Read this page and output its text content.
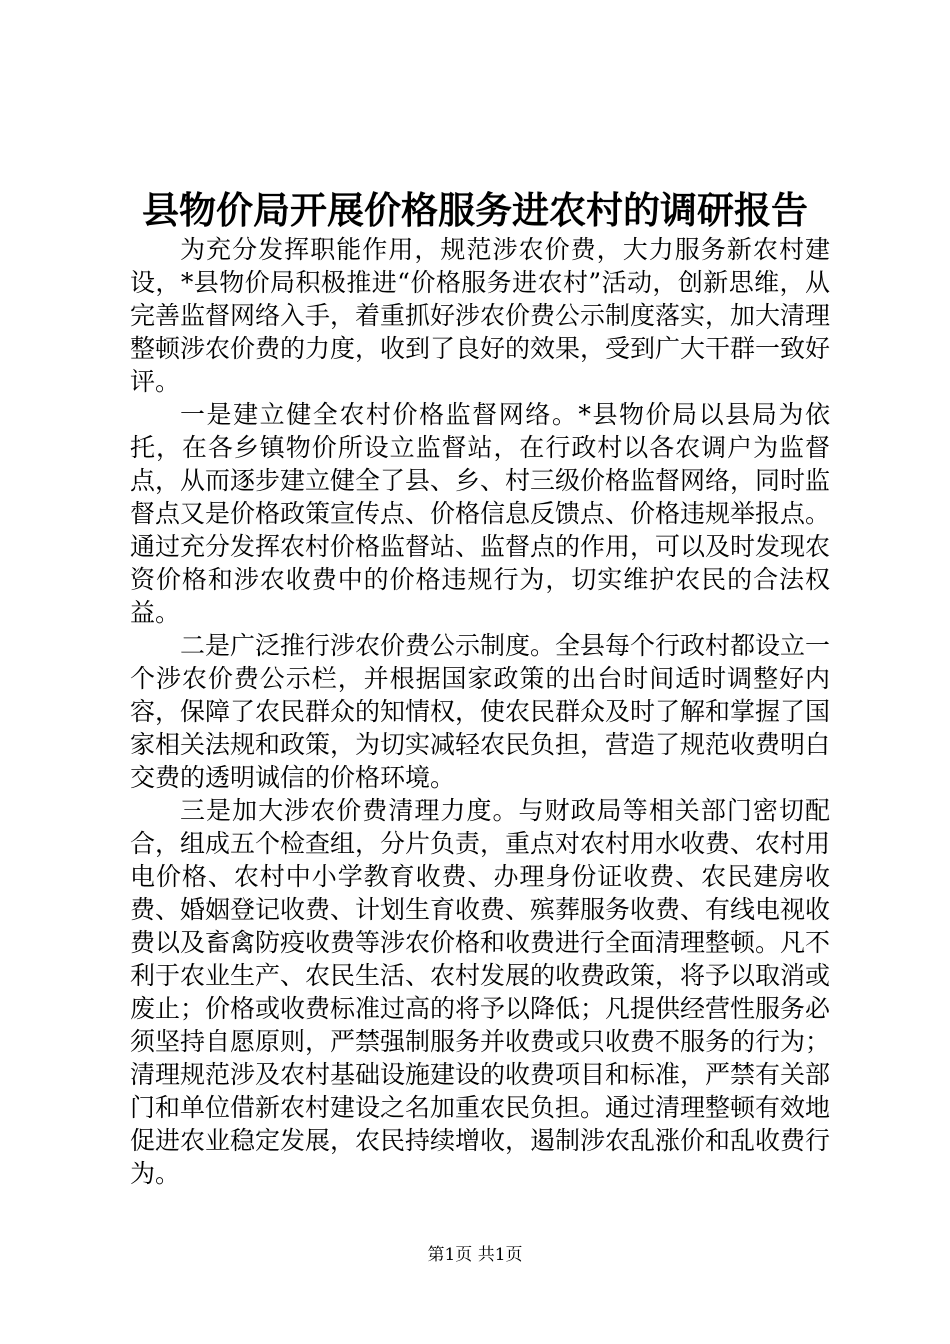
县物价局开展价格服务进农村的调研报告

为充分发挥职能作用，规范涉农价费，大力服务新农村建设，*县物价局积极推进“价格服务进农村”活动，创新思维，从完善监督网络入手，着重抓好涉农价费公示制度落实，加大清理整顿涉农价费的力度，收到了良好的效果，受到广大干群一致好评。

一是建立健全农村价格监督网络。*县物价局以县局为依托，在各乡镇物价所设立监督站，在行政村以各农调户为监督点，从而逐步建立健全了县、乡、村三级价格监督网络，同时监督点又是价格政策宣传点、价格信息反馈点、价格违规举报点。通过充分发挥农村价格监督站、监督点的作用，可以及时发现农资价格和涉农收费中的价格违规行为，切实维护农民的合法权益。

二是广泛推行涉农价费公示制度。全县每个行政村都设立一个涉农价费公示栏，并根据国家政策的出台时间适时调整好内容，保障了农民群众的知情权，使农民群众及时了解和掌握了国家相关法规和政策，为切实减轻农民负担，营造了规范收费明白交费的透明诚信的价格环境。

三是加大涉农价费清理力度。与财政局等相关部门密切配合，组成五个检查组，分片负责，重点对农村用水收费、农村用电价格、农村中小学教育收费、办理身份证收费、农民建房收费、婚姻登记收费、计划生育收费、殡葬服务收费、有线电视收费以及畜禽防疫收费等涉农价格和收费进行全面清理整顿。凡不利于农业生产、农民生活、农村发展的收费政策，将予以取消或废止；价格或收费标准过高的将予以降低；凡提供经营性服务必须坚持自愿原则，严禁强制服务并收费或只收费不服务的行为；清理规范涉及农村基础设施建设的收费项目和标准，严禁有关部门和单位借新农村建设之名加重农民负担。通过清理整顿有效地促进农业稳定发展，农民持续增收，遏制涉农乱涨价和乱收费行为。

第1页 共1页
